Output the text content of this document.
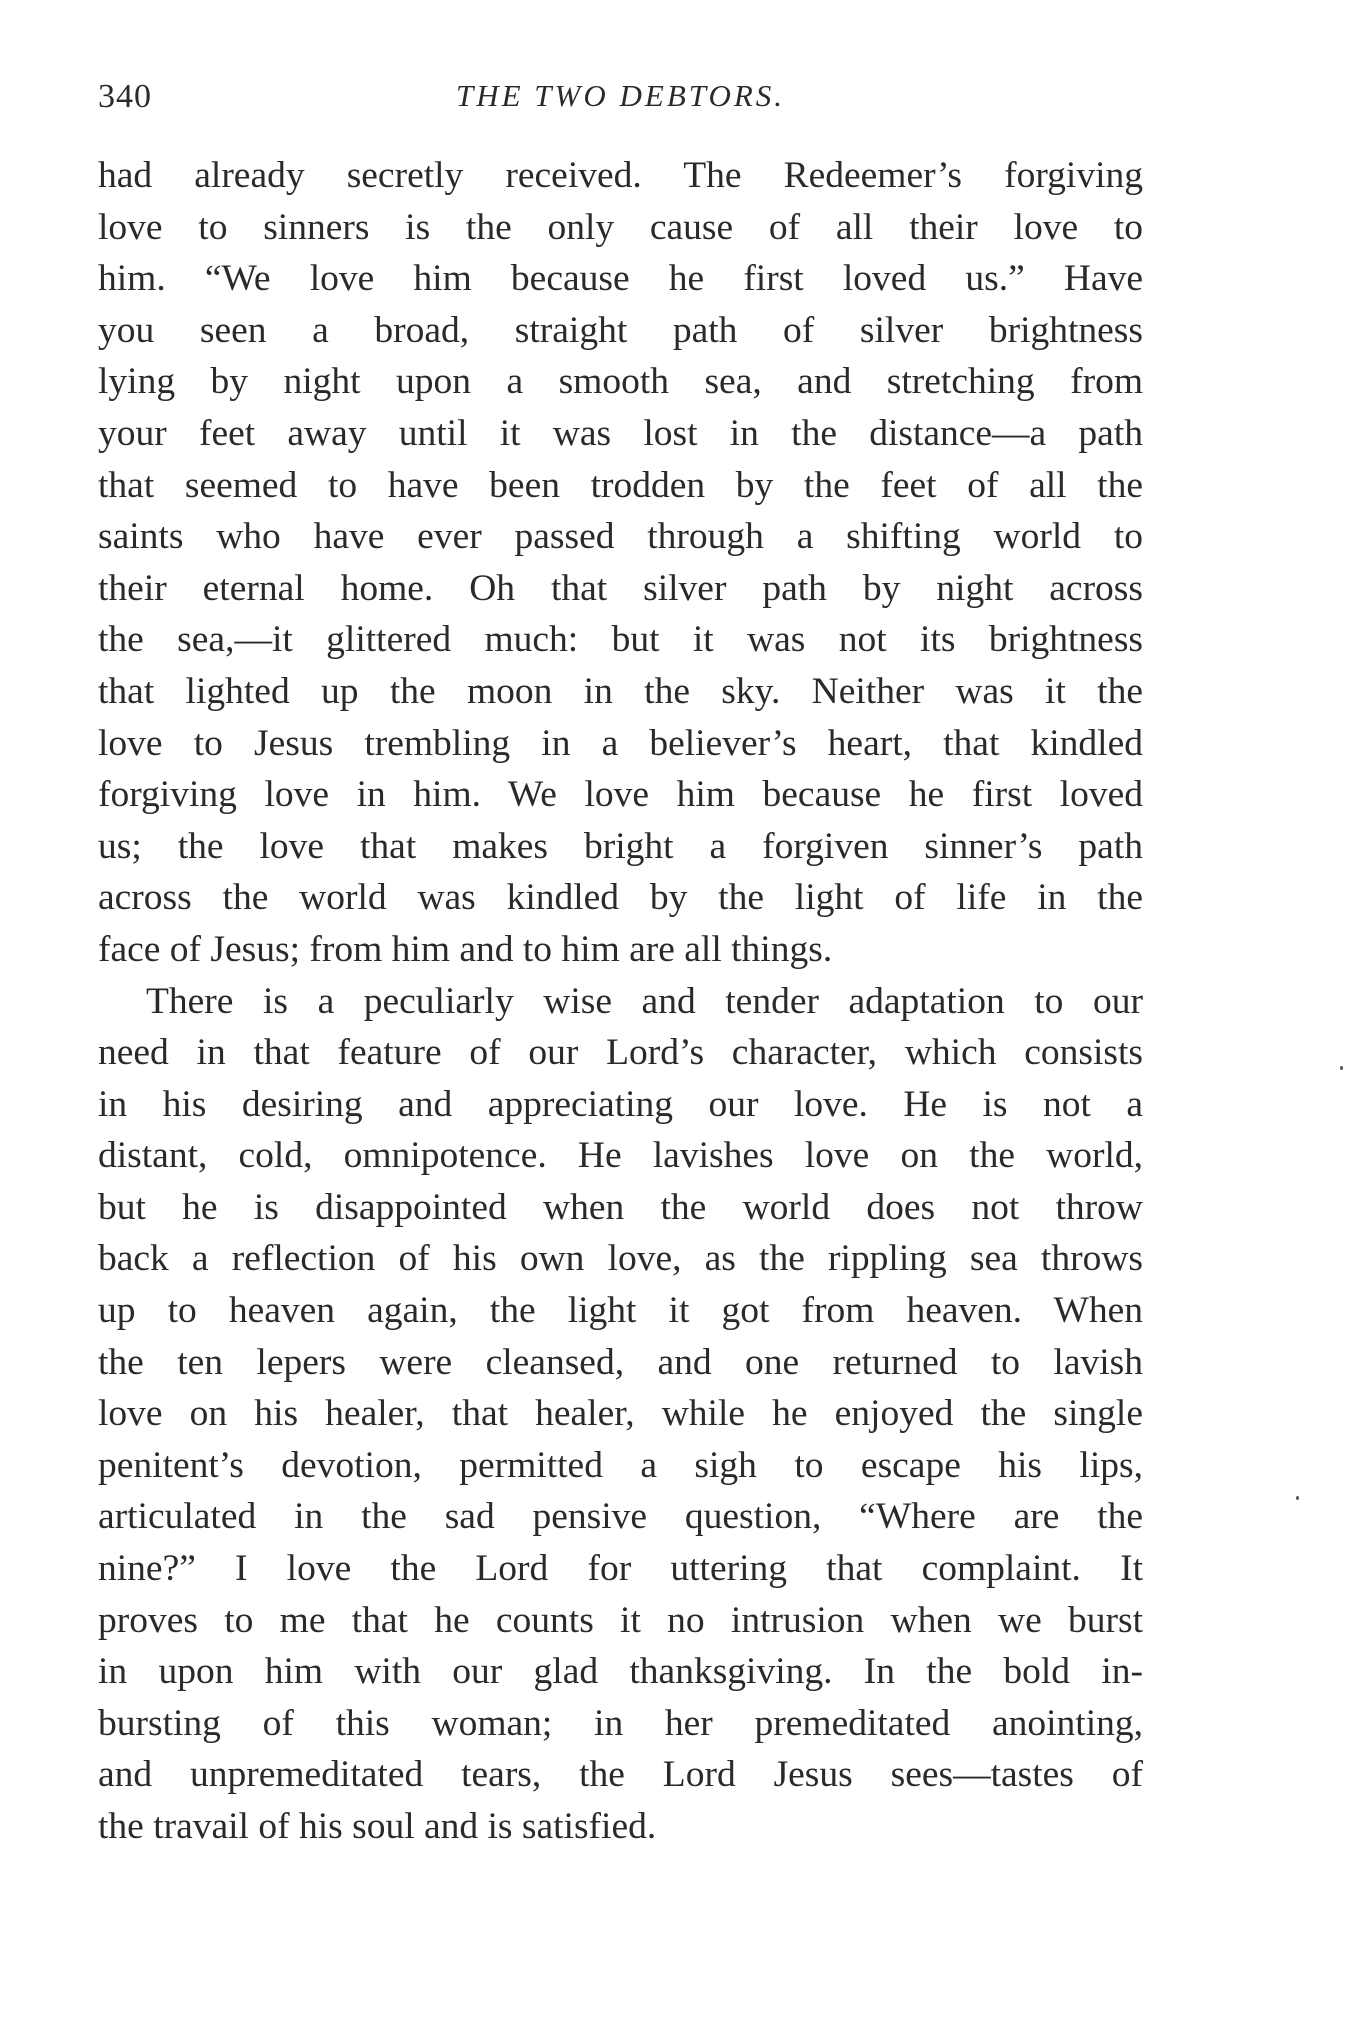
340	THE TWO DEBTORS.
had already secretly received. The Redeemer’s forgiving
love to sinners is the only cause of all their love to
him. “We love him because he first loved us.” Have
you seen a broad, straight path of silver brightness
lying by night upon a smooth sea, and stretching from
your feet away until it was lost in the distance—a path
that seemed to have been trodden by the feet of all the
saints who have ever passed through a shifting world to
their eternal home. Oh that silver path by night across
the sea,—it glittered much: but it was not its brightness
that lighted up the moon in the sky. Neither was it the
love to Jesus trembling in a believer’s heart, that kindled
forgiving love in him. We love him because he first loved
us; the love that makes bright a forgiven sinner’s path
across the world was kindled by the light of life in the
face of Jesus; from him and to him are all things.
There is a peculiarly wise and tender adaptation to our
need in that feature of our Lord’s character, which consists
in his desiring and appreciating our love. He is not a
distant, cold, omnipotence. He lavishes love on the world,
but he is disappointed when the world does not throw
back a reflection of his own love, as the rippling sea throws
up to heaven again, the light it got from heaven. When
the ten lepers were cleansed, and one returned to lavish
love on his healer, that healer, while he enjoyed the single
penitent’s devotion, permitted a sigh to escape his lips,
articulated in the sad pensive question, “Where are the
nine?” I love the Lord for uttering that complaint. It
proves to me that he counts it no intrusion when we burst
in upon him with our glad thanksgiving. In the bold in-
bursting of this woman; in her premeditated anointing,
and unpremeditated tears, the Lord Jesus sees—tastes of
the travail of his soul and is satisfied.
